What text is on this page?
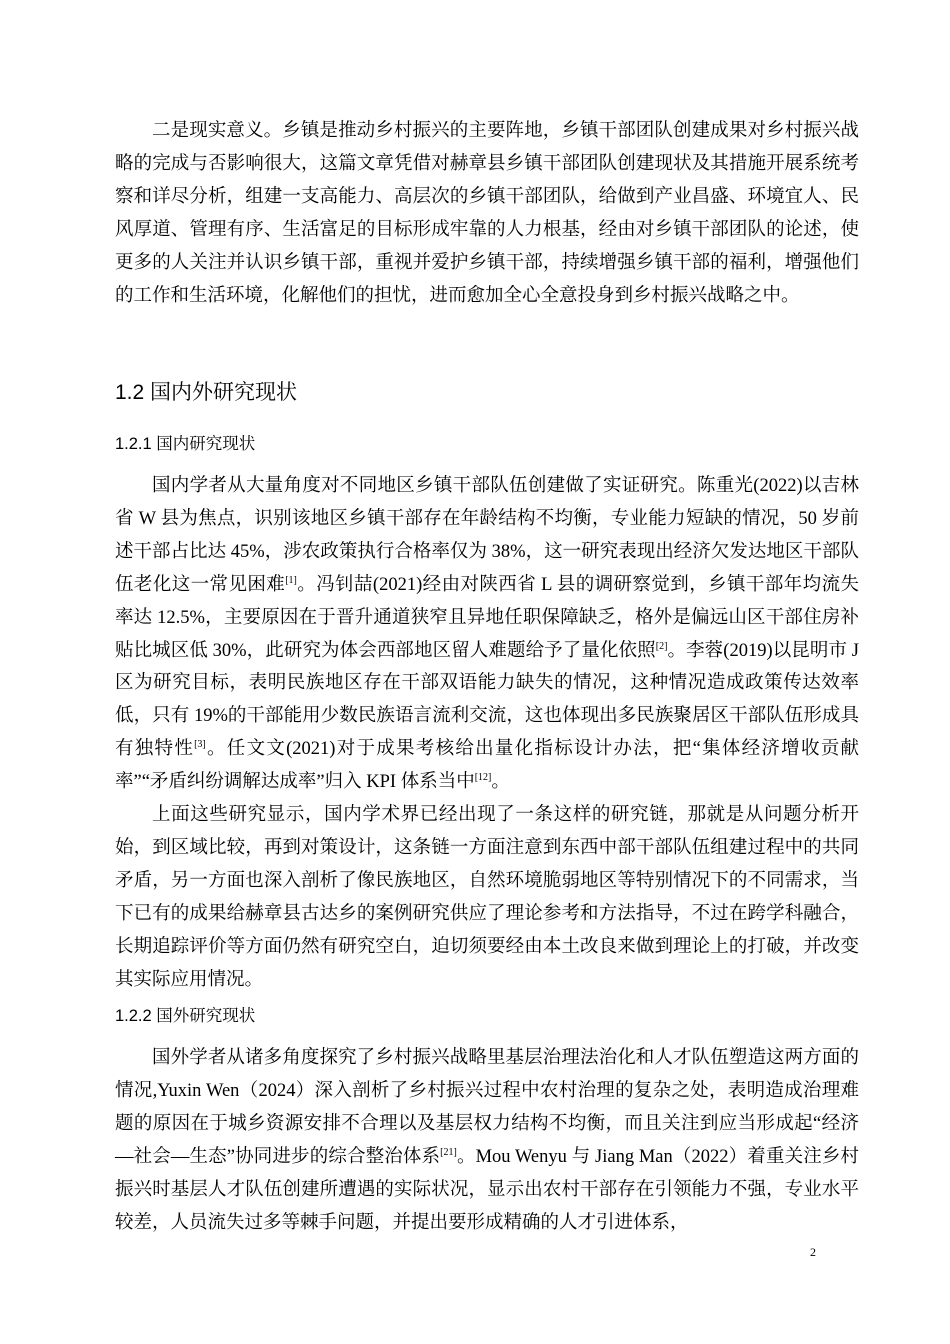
二是现实意义。乡镇是推动乡村振兴的主要阵地，乡镇干部团队创建成果对乡村振兴战略的完成与否影响很大，这篇文章凭借对赫章县乡镇干部团队创建现状及其措施开展系统考察和详尽分析，组建一支高能力、高层次的乡镇干部团队，给做到产业昌盛、环境宜人、民风厚道、管理有序、生活富足的目标形成牢靠的人力根基，经由对乡镇干部团队的论述，使更多的人关注并认识乡镇干部，重视并爱护乡镇干部，持续增强乡镇干部的福利，增强他们的工作和生活环境，化解他们的担忧，进而愈加全心全意投身到乡村振兴战略之中。

1.2 国内外研究现状
1.2.1 国内研究现状

国内学者从大量角度对不同地区乡镇干部队伍创建做了实证研究。陈重光(2022)以吉林省 W 县为焦点，识别该地区乡镇干部存在年龄结构不均衡，专业能力短缺的情况，50 岁前述干部占比达 45%，涉农政策执行合格率仅为 38%，这一研究表现出经济欠发达地区干部队伍老化这一常见困难[1]。冯钊喆(2021)经由对陕西省 L 县的调研察觉到，乡镇干部年均流失率达 12.5%，主要原因在于晋升通道狭窄且异地任职保障缺乏，格外是偏远山区干部住房补贴比城区低 30%，此研究为体会西部地区留人难题给予了量化依照[2]。李蓉(2019)以昆明市 J 区为研究目标，表明民族地区存在干部双语能力缺失的情况，这种情况造成政策传达效率低，只有 19%的干部能用少数民族语言流利交流，这也体现出多民族聚居区干部队伍形成具有独特性[3]。任文文(2021)对于成果考核给出量化指标设计办法，把“集体经济增收贡献率”“矛盾纠纷调解达成率”归入 KPI 体系当中[12]。

上面这些研究显示，国内学术界已经出现了一条这样的研究链，那就是从问题分析开始，到区域比较，再到对策设计，这条链一方面注意到东西中部干部队伍组建过程中的共同矛盾，另一方面也深入剖析了像民族地区，自然环境脆弱地区等特别情况下的不同需求，当下已有的成果给赫章县古达乡的案例研究供应了理论参考和方法指导，不过在跨学科融合，长期追踪评价等方面仍然有研究空白，迫切须要经由本土改良来做到理论上的打破，并改变其实际应用情况。

1.2.2 国外研究现状

国外学者从诸多角度探究了乡村振兴战略里基层治理法治化和人才队伍塑造这两方面的情况,Yuxin Wen（2024）深入剖析了乡村振兴过程中农村治理的复杂之处，表明造成治理难题的原因在于城乡资源安排不合理以及基层权力结构不均衡，而且关注到应当形成起“经济—社会—生态”协同进步的综合整治体系[21]。Mou Wenyu 与 Jiang Man（2022）着重关注乡村振兴时基层人才队伍创建所遭遇的实际状况，显示出农村干部存在引领能力不强，专业水平较差，人员流失过多等棘手问题，并提出要形成精确的人才引进体系，

2
